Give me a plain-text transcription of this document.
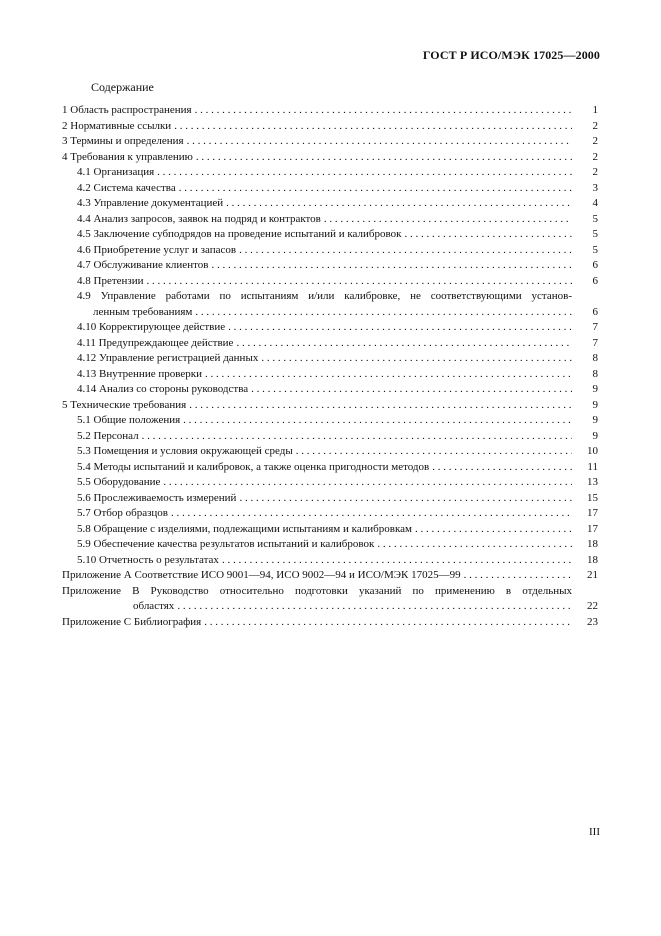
ГОСТ Р ИСО/МЭК 17025—2000
Содержание
1 Область распространения . . .	1
2 Нормативные ссылки . . .	2
3 Термины и определения . . .	2
4 Требования к управлению . . .	2
4.1 Организация . . .	2
4.2 Система качества . . .	3
4.3 Управление документацией . . .	4
4.4 Анализ запросов, заявок на подряд и контрактов . . .	5
4.5 Заключение субподрядов на проведение испытаний и калибровок . . .	5
4.6 Приобретение услуг и запасов . . .	5
4.7 Обслуживание клиентов . . .	6
4.8 Претензии . . .	6
4.9 Управление работами по испытаниям и/или калибровке, не соответствующими установ-
ленным требованиям . . .	6
4.10 Корректирующее действие . . .	7
4.11 Предупреждающее действие . . .	7
4.12 Управление регистрацией данных . . .	8
4.13 Внутренние проверки . . .	8
4.14 Анализ со стороны руководства . . .	9
5 Технические требования . . .	9
5.1 Общие положения . . .	9
5.2 Персонал . . .	9
5.3 Помещения и условия окружающей среды . . .	10
5.4 Методы испытаний и калибровок, а также оценка пригодности методов . . .	11
5.5 Оборудование . . .	13
5.6 Прослеживаемость измерений . . .	15
5.7 Отбор образцов . . .	17
5.8 Обращение с изделиями, подлежащими испытаниям и калибровкам . . .	17
5.9 Обеспечение качества результатов испытаний и калибровок . . .	18
5.10 Отчетность о результатах . . .	18
Приложение А Соответствие ИСО 9001—94, ИСО 9002—94 и ИСО/МЭК 17025—99 . . .	21
Приложение В Руководство относительно подготовки указаний по применению в отдельных
областях . . .	22
Приложение С Библиография . . .	23
III
